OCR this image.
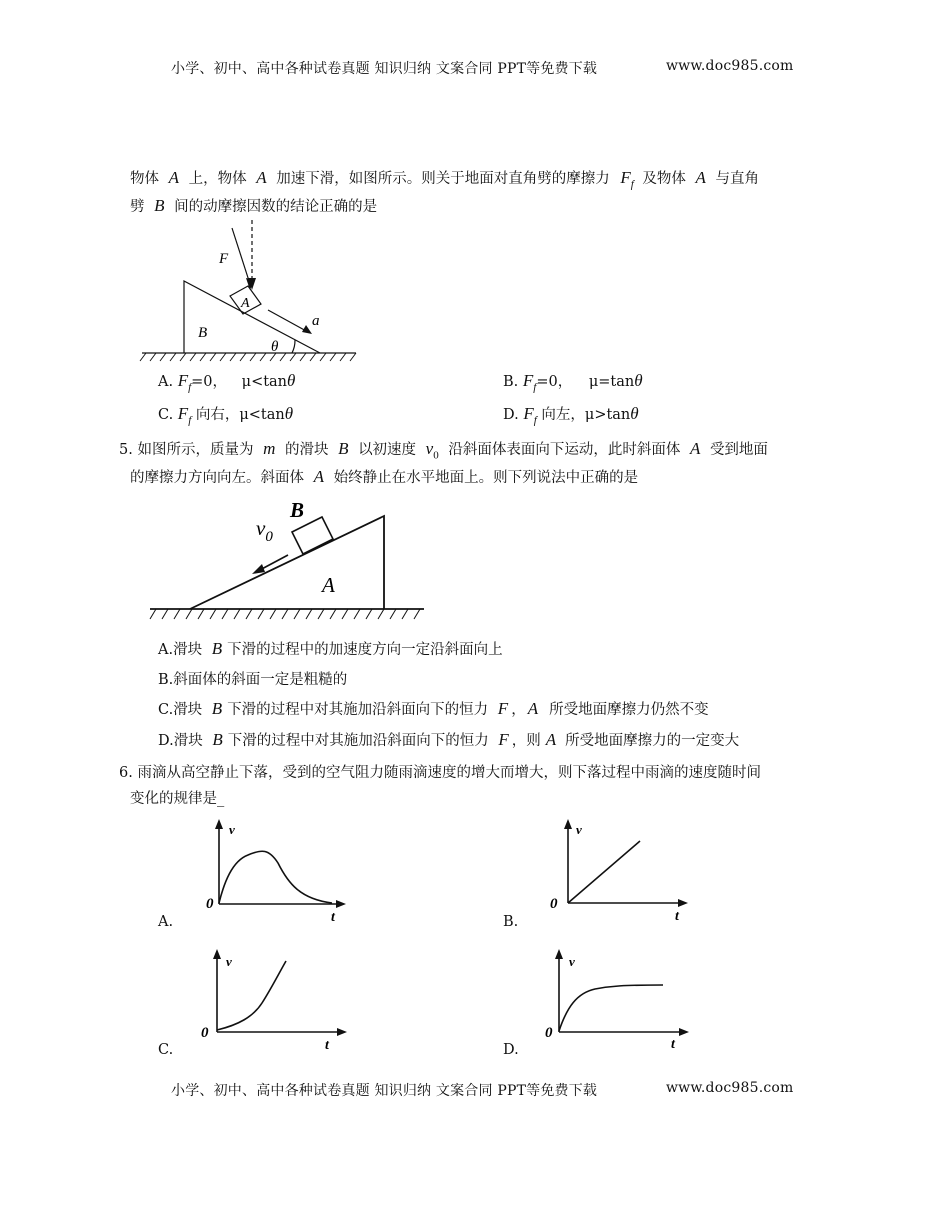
小学、初中、高中各种试卷真题 知识归纳 文案合同 PPT等免费下载	www.doc985.com
物体 A 上，物体 A 加速下滑，如图所示。则关于地面对直角劈的摩擦力 $F_f$ 及物体 A 与直角
劈 B 间的动摩擦因数的结论正确的是
F
A
B
a
θ
A. $F_f=0$， μ<tanθ	B. $F_f=0$， μ=tanθ
C. $F_f$ 向右，μ<tanθ	D. $F_f$ 向左，μ>tanθ
5. 如图所示，质量为 m 的滑块 B 以初速度 $v_0$ 沿斜面体表面向下运动，此时斜面体 A 受到地面
的摩擦力方向向左。斜面体 A 始终静止在水平地面上。则下列说法中正确的是
B
$v_0$
A
A.滑块 B 下滑的过程中的加速度方向一定沿斜面向上
B.斜面体的斜面一定是粗糙的
C.滑块 B 下滑的过程中对其施加沿斜面向下的恒力 F ， A 所受地面摩擦力仍然不变
D.滑块 B 下滑的过程中对其施加沿斜面向下的恒力 F ，则 A 所受地面摩擦力的一定变大
6. 雨滴从高空静止下落，受到的空气阻力随雨滴速度的增大而增大，则下落过程中雨滴的速度随时间
变化的规律是_
v
0
t
v
0
t
v
0
t
v
0
t
A.	B.
C.	D.
小学、初中、高中各种试卷真题 知识归纳 文案合同 PPT等免费下载	www.doc985.com
